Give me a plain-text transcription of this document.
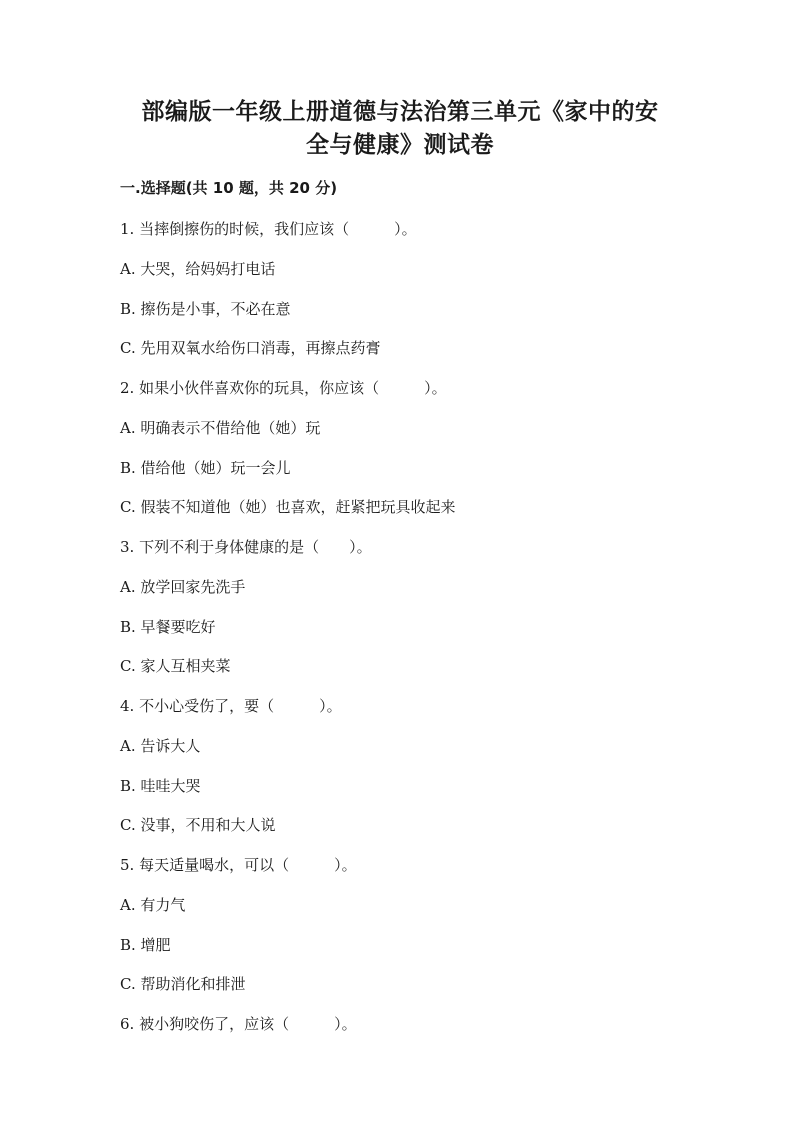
部编版一年级上册道德与法治第三单元《家中的安
全与健康》测试卷
一.选择题(共 10 题，共 20 分)
1. 当摔倒擦伤的时候，我们应该（　　　）。
A. 大哭，给妈妈打电话
B. 擦伤是小事，不必在意
C. 先用双氧水给伤口消毒，再擦点药膏
2. 如果小伙伴喜欢你的玩具，你应该（　　　）。
A. 明确表示不借给他（她）玩
B. 借给他（她）玩一会儿
C. 假装不知道他（她）也喜欢，赶紧把玩具收起来
3. 下列不利于身体健康的是（　　）。
A. 放学回家先洗手
B. 早餐要吃好
C. 家人互相夹菜
4. 不小心受伤了，要（　　　）。
A. 告诉大人
B. 哇哇大哭
C. 没事，不用和大人说
5. 每天适量喝水，可以（　　　）。
A. 有力气
B. 增肥
C. 帮助消化和排泄
6. 被小狗咬伤了，应该（　　　）。
